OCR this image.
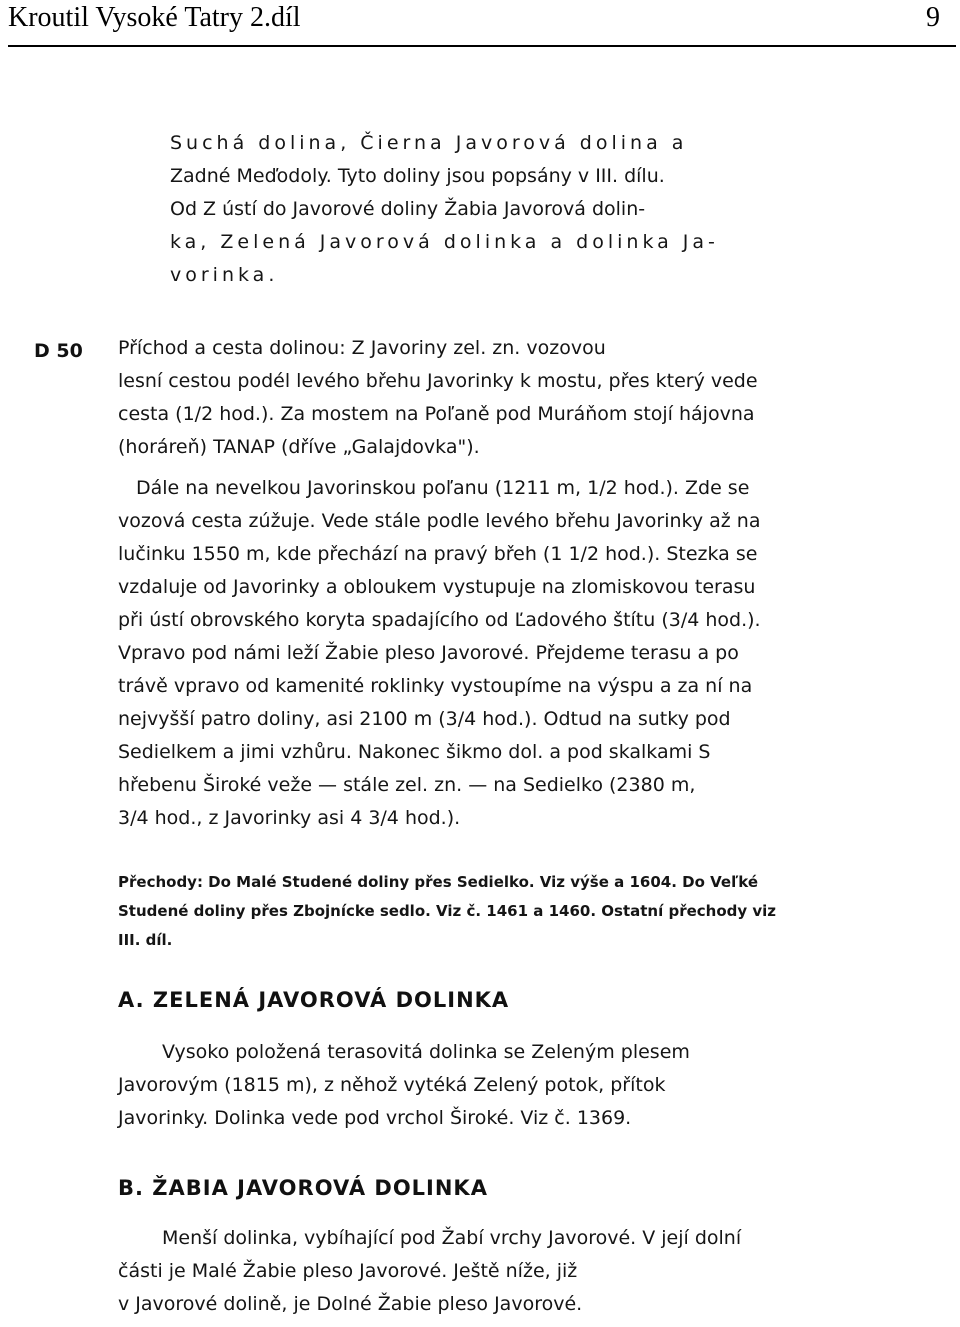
Kroutil Vysoké Tatry 2.díl	9
Suchá dolina, Čierna Javorová dolina a
Zadné Meďodoly. Tyto doliny jsou popsány v III. dílu.
Od Z ústí do Javorové doliny Žabia Javorová dolin-
ka, Zelená Javorová dolinka a dolinka Ja-
vorinka.
D 50 Příchod a cesta dolinou: Z Javoriny zel. zn. vozovou
lesní cestou podél levého břehu Javorinky k mostu, přes který vede
cesta (1/2 hod.). Za mostem na Poľaně pod Muráňom stojí hájovna
(horáreň) TANAP (dříve „Galajdovka").
Dále na nevelkou Javorinskou poľanu (1211 m, 1/2 hod.). Zde se
vozová cesta zúžuje. Vede stále podle levého břehu Javorinky až na
lučinku 1550 m, kde přechází na pravý břeh (1 1/2 hod.). Stezka se
vzdaluje od Javorinky a obloukem vystupuje na zlomiskovou terasu
při ústí obrovského koryta spadajícího od Ľadového štítu (3/4 hod.).
Vpravo pod námi leží Žabie pleso Javorové. Přejdeme terasu a po
trávě vpravo od kamenité roklinky vystoupíme na výspu a za ní na
nejvyšší patro doliny, asi 2100 m (3/4 hod.). Odtud na sutky pod
Sedielkem a jimi vzhůru. Nakonec šikmo dol. a pod skalkami S
hřebenu Široké veže — stále zel. zn. — na Sedielko (2380 m,
3/4 hod., z Javorinky asi 4 3/4 hod.).
Přechody: Do Malé Studené doliny přes Sedielko. Viz výše a 1604. Do Veľké
Studené doliny přes Zbojnícke sedlo. Viz č. 1461 a 1460. Ostatní přechody viz
III. díl.
A. ZELENÁ JAVOROVÁ DOLINKA
Vysoko položená terasovitá dolinka se Zeleným plesem
Javorovým (1815 m), z něhož vytéká Zelený potok, přítok
Javorinky. Dolinka vede pod vrchol Široké. Viz č. 1369.
B. ŽABIA JAVOROVÁ DOLINKA
Menší dolinka, vybíhající pod Žabí vrchy Javorové. V její dolní
části je Malé Žabie pleso Javorové. Ještě níže, již
v Javorové dolině, je Dolné Žabie pleso Javorové.
